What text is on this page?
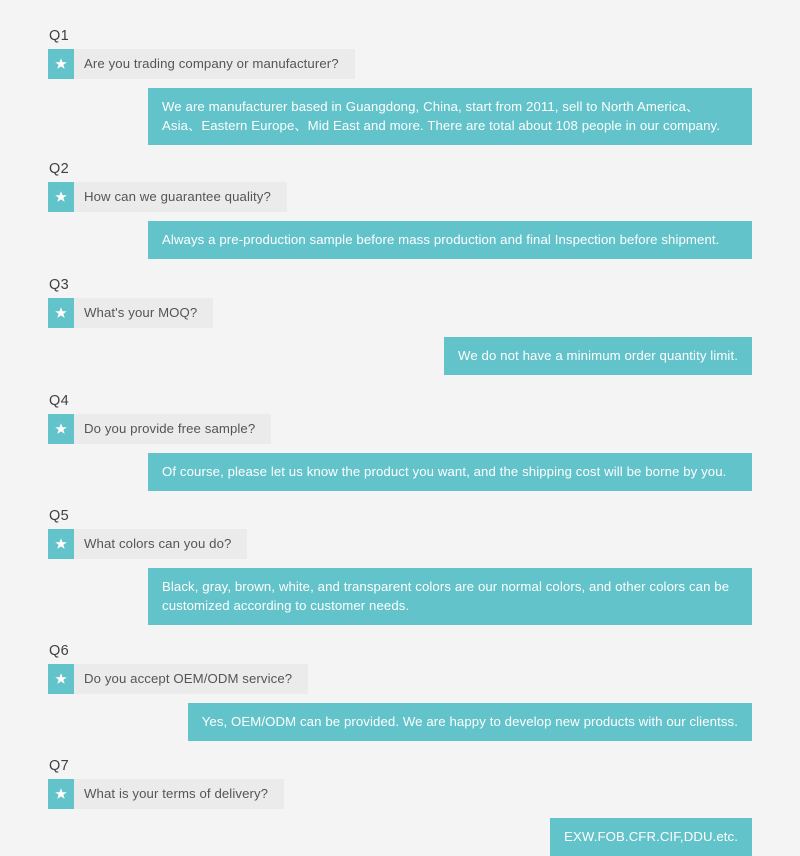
Q1
Are you trading company or manufacturer?
We are manufacturer based in Guangdong, China, start from 2011, sell to North America、Asia、Eastern Europe、Mid East and more. There are total about 108 people in our company.
Q2
How can we guarantee quality?
Always a pre-production sample before mass production and final Inspection before shipment.
Q3
What's your MOQ?
We do not have a minimum order quantity limit.
Q4
Do you provide free sample?
Of course, please let us know the product you want, and the shipping cost will be borne by you.
Q5
What colors can you do?
Black, gray, brown, white, and transparent colors are our normal colors, and other colors can be customized according to customer needs.
Q6
Do you accept OEM/ODM service?
Yes, OEM/ODM can be provided. We are happy to develop new products with our clientss.
Q7
What is your terms of delivery?
EXW.FOB.CFR.CIF,DDU.etc.
